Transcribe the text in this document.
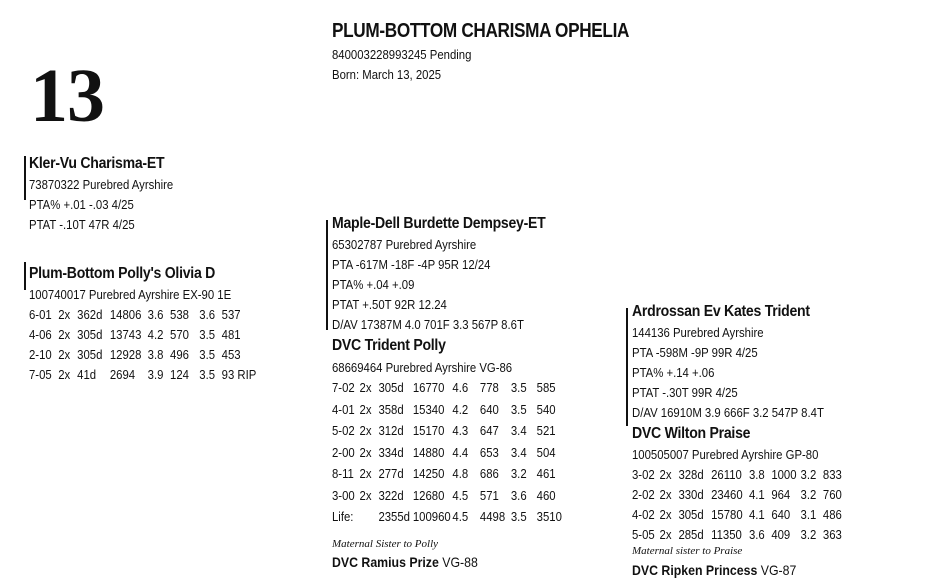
13
PLUM-BOTTOM CHARISMA OPHELIA
840003228993245 Pending
Born: March 13, 2025
Kler-Vu Charisma-ET
73870322 Purebred Ayrshire
PTA% +.01 -.03 4/25
PTAT -.10T 47R 4/25
Plum-Bottom Polly's Olivia D
100740017 Purebred Ayrshire EX-90 1E
6-01 2x 362d 14806 3.6 538 3.6 537
4-06 2x 305d 13743 4.2 570 3.5 481
2-10 2x 305d 12928 3.8 496 3.5 453
7-05 2x 41d 2694 3.9 124 3.5 93 RIP
Maple-Dell Burdette Dempsey-ET
65302787 Purebred Ayrshire
PTA -617M -18F -4P 95R 12/24
PTA% +.04 +.09
PTAT +.50T 92R 12.24
D/AV 17387M 4.0 701F 3.3 567P 8.6T
DVC Trident Polly
68669464 Purebred Ayrshire VG-86
7-02 2x 305d 16770 4.6 778 3.5 585
4-01 2x 358d 15340 4.2 640 3.5 540
5-02 2x 312d 15170 4.3 647 3.4 521
2-00 2x 334d 14880 4.4 653 3.4 504
8-11 2x 277d 14250 4.8 686 3.2 461
3-00 2x 322d 12680 4.5 571 3.6 460
Life: 2355d 100960 4.5 4498 3.5 3510
Maternal Sister to Polly
DVC Ramius Prize VG-88
Ardrossan Ev Kates Trident
144136 Purebred Ayrshire
PTA -598M -9P 99R 4/25
PTA% +.14 +.06
PTAT -.30T 99R 4/25
D/AV 16910M 3.9 666F 3.2 547P 8.4T
DVC Wilton Praise
100505007 Purebred Ayrshire GP-80
3-02 2x 328d 26110 3.8 1000 3.2 833
2-02 2x 330d 23460 4.1 964 3.2 760
4-02 2x 305d 15780 4.1 640 3.1 486
5-05 2x 285d 11350 3.6 409 3.2 363
Maternal sister to Praise
DVC Ripken Princess VG-87
